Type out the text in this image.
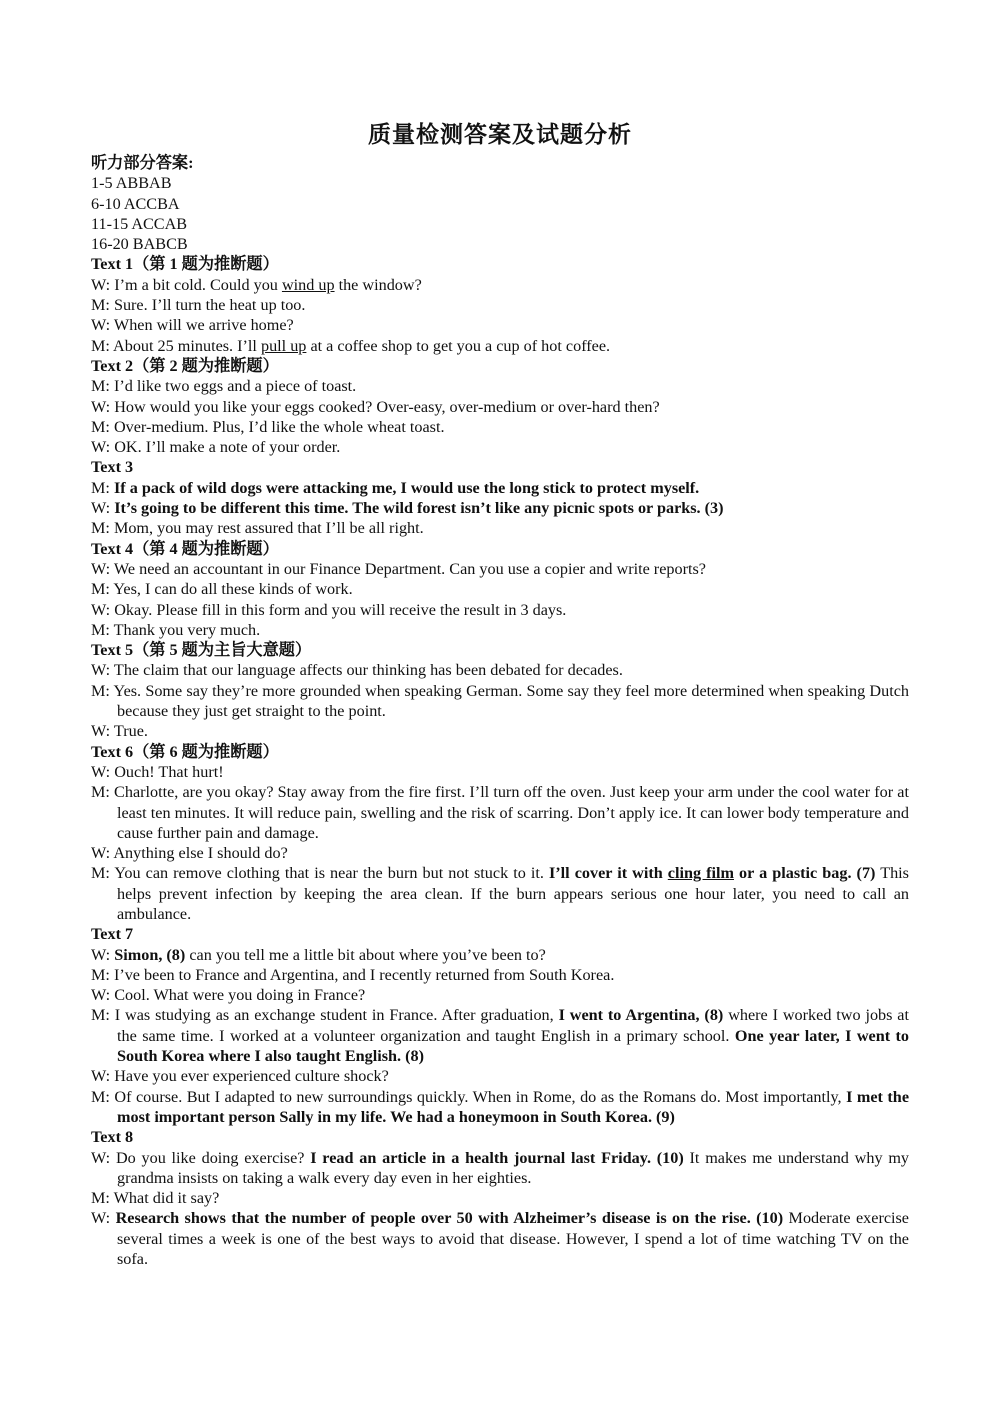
质量检测答案及试题分析
听力部分答案:
1-5 ABBAB
6-10 ACCBA
11-15 ACCAB
16-20 BABCB
Text 1（第 1 题为推断题）
W: I’m a bit cold. Could you wind up the window?
M: Sure. I’ll turn the heat up too.
W: When will we arrive home?
M: About 25 minutes. I’ll pull up at a coffee shop to get you a cup of hot coffee.
Text 2（第 2 题为推断题）
M: I’d like two eggs and a piece of toast.
W: How would you like your eggs cooked? Over-easy, over-medium or over-hard then?
M: Over-medium. Plus, I’d like the whole wheat toast.
W: OK. I’ll make a note of your order.
Text 3
M: If a pack of wild dogs were attacking me, I would use the long stick to protect myself.
W: It’s going to be different this time. The wild forest isn’t like any picnic spots or parks. (3)
M: Mom, you may rest assured that I’ll be all right.
Text 4（第 4 题为推断题）
W: We need an accountant in our Finance Department. Can you use a copier and write reports?
M: Yes, I can do all these kinds of work.
W: Okay. Please fill in this form and you will receive the result in 3 days.
M: Thank you very much.
Text 5（第 5 题为主旨大意题）
W: The claim that our language affects our thinking has been debated for decades.
M: Yes. Some say they’re more grounded when speaking German. Some say they feel more determined when speaking Dutch because they just get straight to the point.
W: True.
Text 6（第 6 题为推断题）
W: Ouch! That hurt!
M: Charlotte, are you okay? Stay away from the fire first. I’ll turn off the oven. Just keep your arm under the cool water for at least ten minutes. It will reduce pain, swelling and the risk of scarring. Don’t apply ice. It can lower body temperature and cause further pain and damage.
W: Anything else I should do?
M: You can remove clothing that is near the burn but not stuck to it. I’ll cover it with cling film or a plastic bag. (7) This helps prevent infection by keeping the area clean. If the burn appears serious one hour later, you need to call an ambulance.
Text 7
W: Simon, (8) can you tell me a little bit about where you’ve been to?
M: I’ve been to France and Argentina, and I recently returned from South Korea.
W: Cool. What were you doing in France?
M: I was studying as an exchange student in France. After graduation, I went to Argentina, (8) where I worked two jobs at the same time. I worked at a volunteer organization and taught English in a primary school. One year later, I went to South Korea where I also taught English. (8)
W: Have you ever experienced culture shock?
M: Of course. But I adapted to new surroundings quickly. When in Rome, do as the Romans do. Most importantly, I met the most important person Sally in my life. We had a honeymoon in South Korea. (9)
Text 8
W: Do you like doing exercise? I read an article in a health journal last Friday. (10) It makes me understand why my grandma insists on taking a walk every day even in her eighties.
M: What did it say?
W: Research shows that the number of people over 50 with Alzheimer’s disease is on the rise. (10) Moderate exercise several times a week is one of the best ways to avoid that disease. However, I spend a lot of time watching TV on the sofa.
